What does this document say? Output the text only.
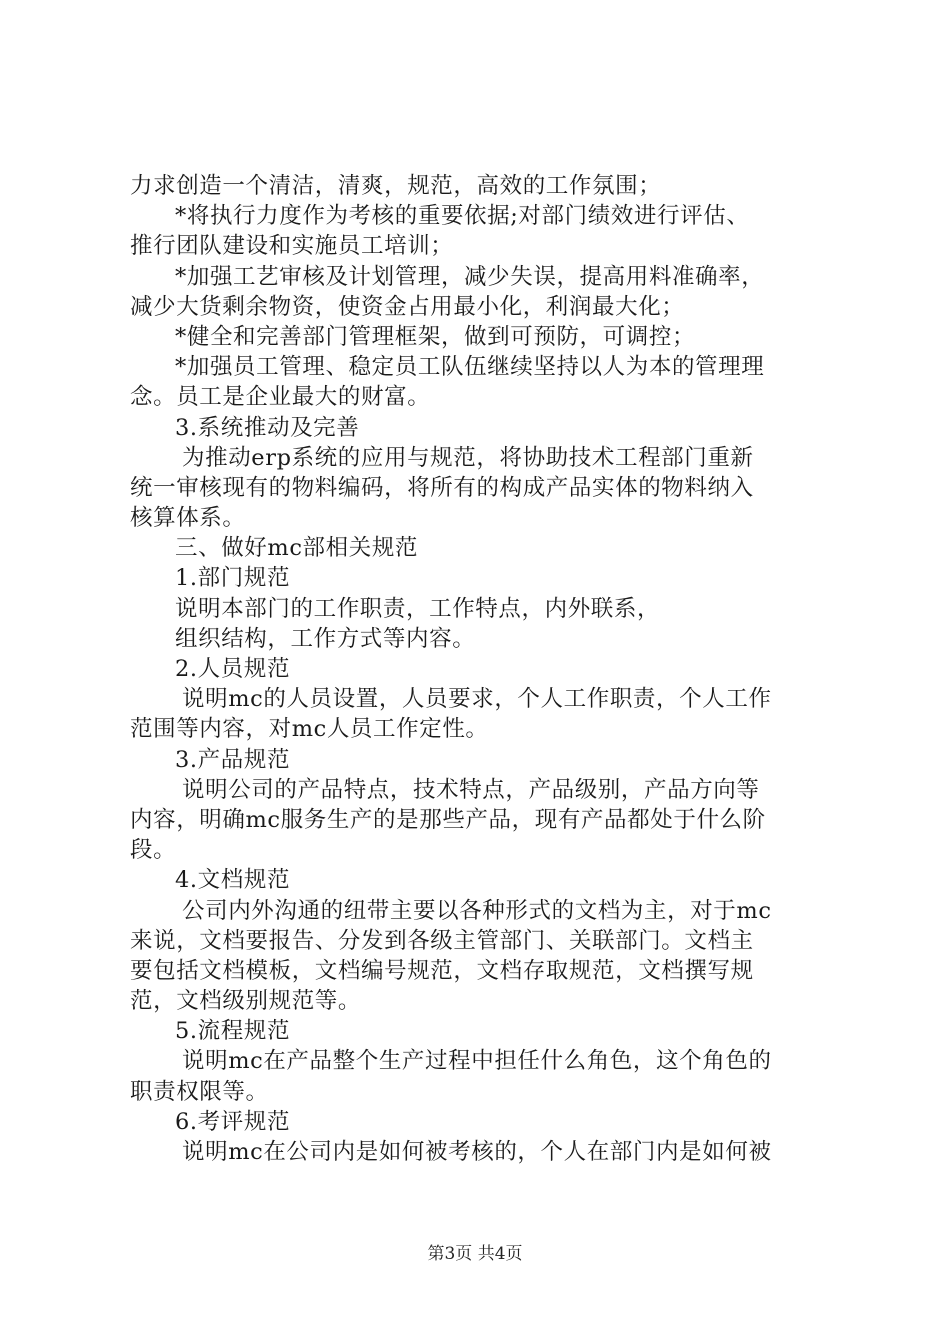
力求创造一个清洁，清爽，规范，高效的工作氛围；
*将执行力度作为考核的重要依据;对部门绩效进行评估、
推行团队建设和实施员工培训；
*加强工艺审核及计划管理，减少失误，提高用料准确率，
减少大货剩余物资，使资金占用最小化，利润最大化；
*健全和完善部门管理框架，做到可预防，可调控；
*加强员工管理、稳定员工队伍继续坚持以人为本的管理理
念。员工是企业最大的财富。
3.系统推动及完善
为推动erp系统的应用与规范，将协助技术工程部门重新
统一审核现有的物料编码，将所有的构成产品实体的物料纳入
核算体系。
三、做好mc部相关规范
1.部门规范
说明本部门的工作职责，工作特点，内外联系，
组织结构，工作方式等内容。
2.人员规范
说明mc的人员设置，人员要求，个人工作职责，个人工作
范围等内容，对mc人员工作定性。
3.产品规范
说明公司的产品特点，技术特点，产品级别，产品方向等
内容，明确mc服务生产的是那些产品，现有产品都处于什么阶
段。
4.文档规范
公司内外沟通的纽带主要以各种形式的文档为主，对于mc
来说，文档要报告、分发到各级主管部门、关联部门。文档主
要包括文档模板，文档编号规范，文档存取规范，文档撰写规
范，文档级别规范等。
5.流程规范
说明mc在产品整个生产过程中担任什么角色，这个角色的
职责权限等。
6.考评规范
说明mc在公司内是如何被考核的，个人在部门内是如何被
第3页 共4页
